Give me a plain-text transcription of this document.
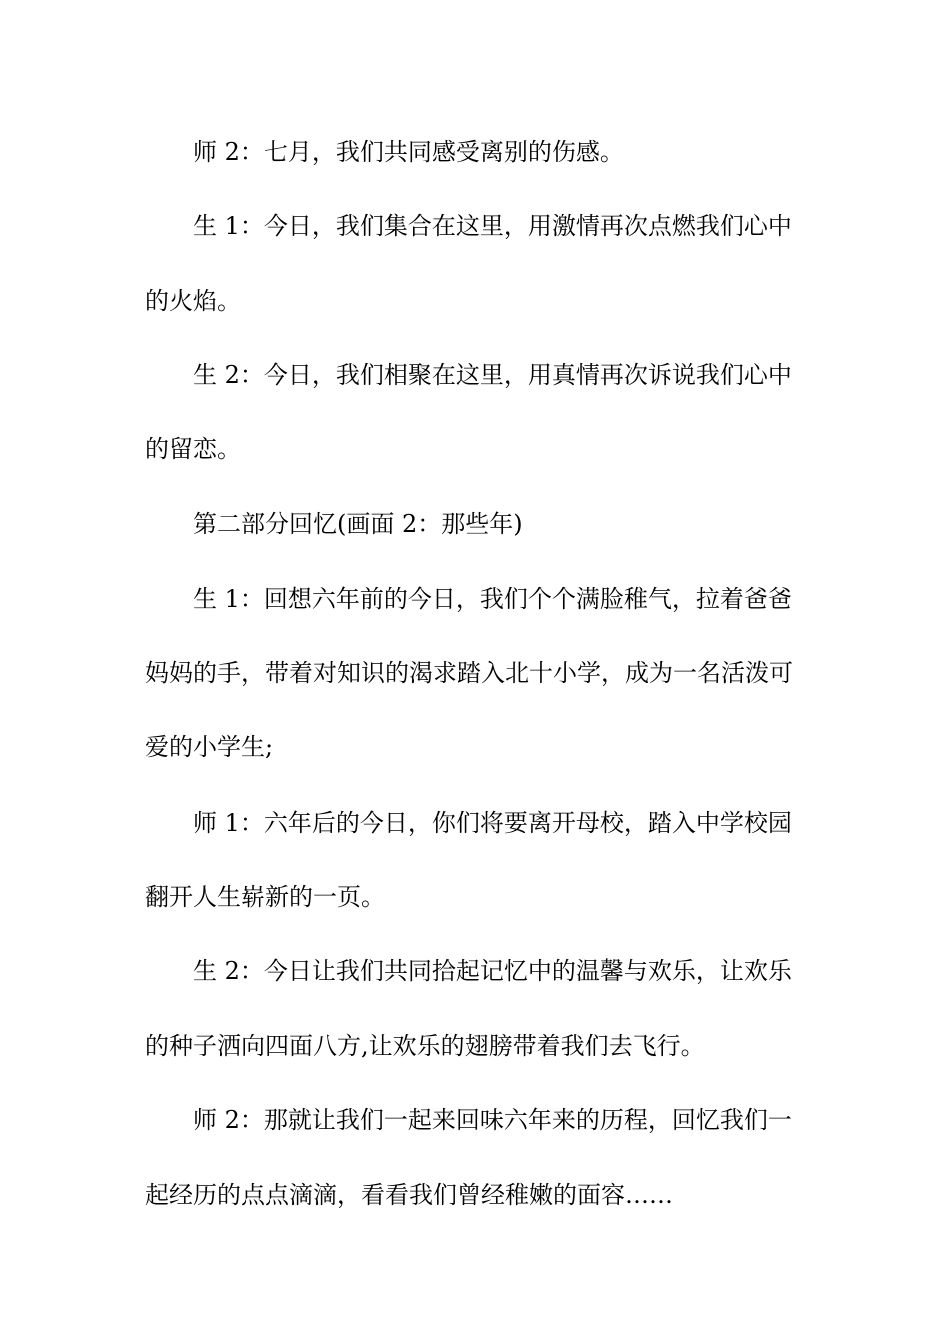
师 2：七月，我们共同感受离别的伤感。

生 1：今日，我们集合在这里，用激情再次点燃我们心中

的火焰。

生 2：今日，我们相聚在这里，用真情再次诉说我们心中

的留恋。

第二部分回忆(画面 2：那些年)

生 1：回想六年前的今日，我们个个满脸稚气，拉着爸爸

妈妈的手，带着对知识的渴求踏入北十小学，成为一名活泼可

爱的小学生;

师 1：六年后的今日，你们将要离开母校，踏入中学校园

翻开人生崭新的一页。

生 2：今日让我们共同拾起记忆中的温馨与欢乐，让欢乐

的种子洒向四面八方,让欢乐的翅膀带着我们去飞行。

师 2：那就让我们一起来回味六年来的历程，回忆我们一

起经历的点点滴滴，看看我们曾经稚嫩的面容……
